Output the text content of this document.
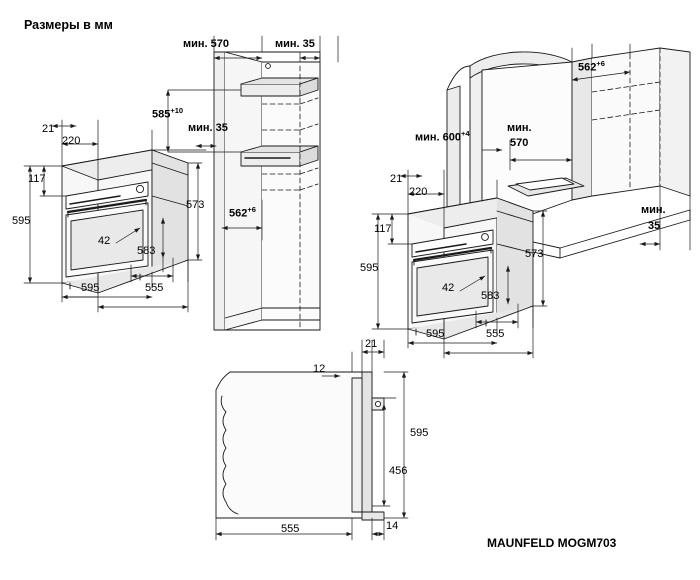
Размеры в мм
MAUNFELD MOGM703
21
220
117
595
42
583
573
595	555
мин. 570	мин. 35
$585^{+10}$
мин. 35
$562^{+6}$
$562^{+6}$
мин. $600^{+4}$	мин.
570
мин.
35
21
220
117
595
42
583
573
595	555
12
21
595
456
555	14
